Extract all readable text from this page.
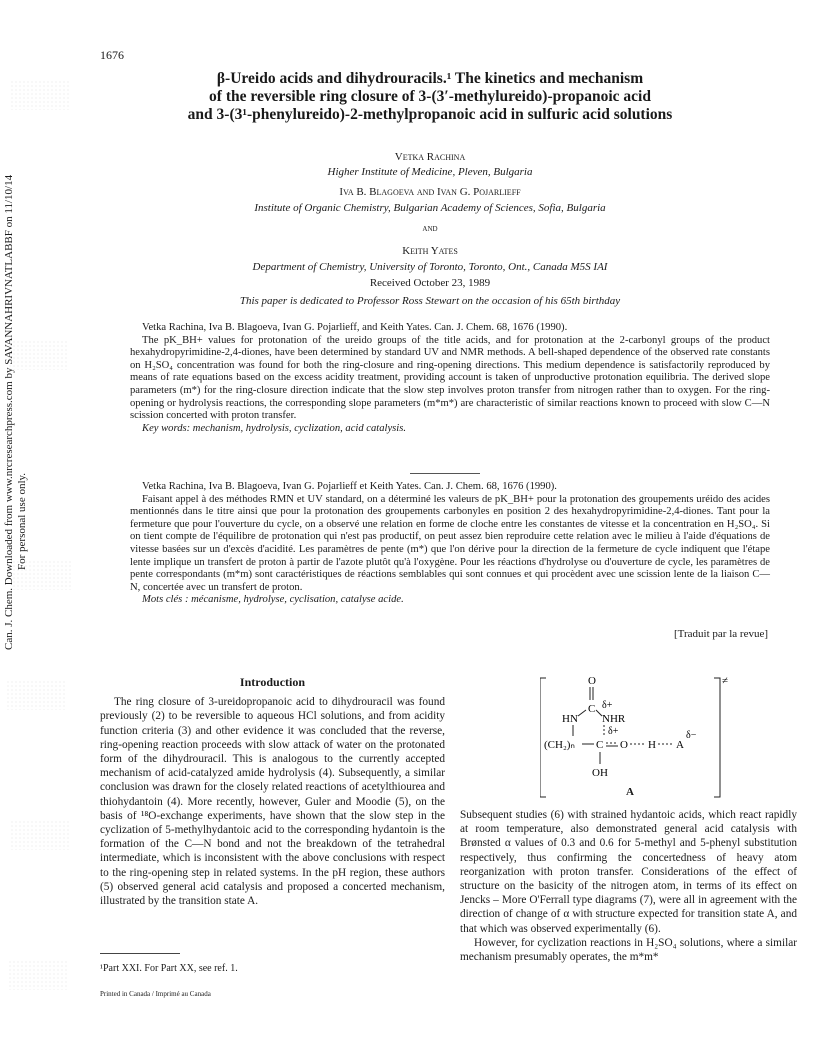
Can. J. Chem. Downloaded from www.nrcresearchpress.com by SAVANNAHRIVNATLABBF on 11/10/14 For personal use only.
1676
β-Ureido acids and dihydrouracils.¹ The kinetics and mechanism
of the reversible ring closure of 3-(3′-methylureido)-propanoic acid
and 3-(3¹-phenylureido)-2-methylpropanoic acid in sulfuric acid solutions
Vetka Rachina
Higher Institute of Medicine, Pleven, Bulgaria
Iva B. Blagoeva and Ivan G. Pojarlieff
Institute of Organic Chemistry, Bulgarian Academy of Sciences, Sofia, Bulgaria
and
Keith Yates
Department of Chemistry, University of Toronto, Toronto, Ont., Canada M5S IAI
Received October 23, 1989
This paper is dedicated to Professor Ross Stewart on the occasion of his 65th birthday

Vetka Rachina, Iva B. Blagoeva, Ivan G. Pojarlieff, and Keith Yates. Can. J. Chem. 68, 1676 (1990).

The pK_BH+ values for protonation of the ureido groups of the title acids, and for protonation at the 2-carbonyl groups of the product hexahydropyrimidine-2,4-diones, have been determined by standard UV and NMR methods. A bell-shaped dependence of the observed rate constants on H₂SO₄ concentration was found for both the ring-closure and ring-opening directions. This medium dependence is satisfactorily reproduced by means of rate equations based on the excess acidity treatment, providing account is taken of unproductive protonation equilibria. The derived slope parameters (m*) for the ring-closure direction indicate that the slow step involves proton transfer from nitrogen rather than to oxygen. For the ring-opening or hydrolysis reactions, the corresponding slope parameters (m*m*) are characteristic of similar reactions known to proceed with slow C—N scission concerted with proton transfer.

Key words: mechanism, hydrolysis, cyclization, acid catalysis.

Vetka Rachina, Iva B. Blagoeva, Ivan G. Pojarlieff et Keith Yates. Can. J. Chem. 68, 1676 (1990).

Faisant appel à des méthodes RMN et UV standard, on a déterminé les valeurs de pK_BH+ pour la protonation des groupements uréido des acides mentionnés dans le titre ainsi que pour la protonation des groupements carbonyles en position 2 des hexahydropyrimidine-2,4-diones. Tant pour la fermeture que pour l'ouverture du cycle, on a observé une relation en forme de cloche entre les constantes de vitesse et la concentration en H₂SO₄. Si on tient compte de l'équilibre de protonation qui n'est pas productif, on peut assez bien reproduire cette relation avec le milieu à l'aide d'équations de vitesse basées sur un d'excès d'acidité. Les paramètres de pente (m*) que l'on dérive pour la direction de la fermeture de cycle indiquent que l'étape lente implique un transfert de proton à partir de l'azote plutôt qu'à l'oxygène. Pour les réactions d'hydrolyse ou d'ouverture de cycle, les paramètres de pente correspondants (m*m) sont caractéristiques de réactions semblables qui sont connues et qui procèdent avec une scission lente de la liaison C—N, concertée avec un transfert de proton.

Mots clés : mécanisme, hydrolyse, cyclisation, catalyse acide.

[Traduit par la revue]
Introduction

The ring closure of 3-ureidopropanoic acid to dihydrouracil was found previously (2) to be reversible to aqueous HCl solutions, and from acidity function criteria (3) and other evidence it was concluded that the reverse, ring-opening reaction proceeds with slow attack of water on the protonated form of the dihydrouracil. This is analogous to the currently accepted mechanism of acid-catalyzed amide hydrolysis (4). Subsequently, a similar conclusion was drawn for the closely related reactions of acetylthiourea and thiohydantoin (4). More recently, however, Guler and Moodie (5), on the basis of ¹⁸O-exchange experiments, have shown that the slow step in the cyclization of 5-methylhydantoic acid to the corresponding hydantoin is the formation of the C—N bond and not the breakdown of the tetrahedral intermediate, which is inconsistent with the above conclusions with respect to the ring-opening step in related systems. In the pH region, these authors (5) observed general acid catalysis and proposed a concerted mechanism, illustrated by the transition state A.

≠
O
C δ+
HN NHR
δ+
(CH₂)ₙ C O H A
δ−
OH
A

Subsequent studies (6) with strained hydantoic acids, which react rapidly at room temperature, also demonstrated general acid catalysis with Brønsted α values of 0.3 and 0.6 for 5-methyl and 5-phenyl substitution respectively, thus confirming the concertedness of heavy atom reorganization with proton transfer. Considerations of the effect of structure on the basicity of the nitrogen atom, in terms of its effect on Jencks – More O'Ferrall type diagrams (7), were all in agreement with the direction of change of α with structure expected for transition state A, and that which was observed experimentally (6).

However, for cyclization reactions in H₂SO₄ solutions, where a similar mechanism presumably operates, the m*m*

¹Part XXI. For Part XX, see ref. 1.
Printed in Canada / Imprimé au Canada
